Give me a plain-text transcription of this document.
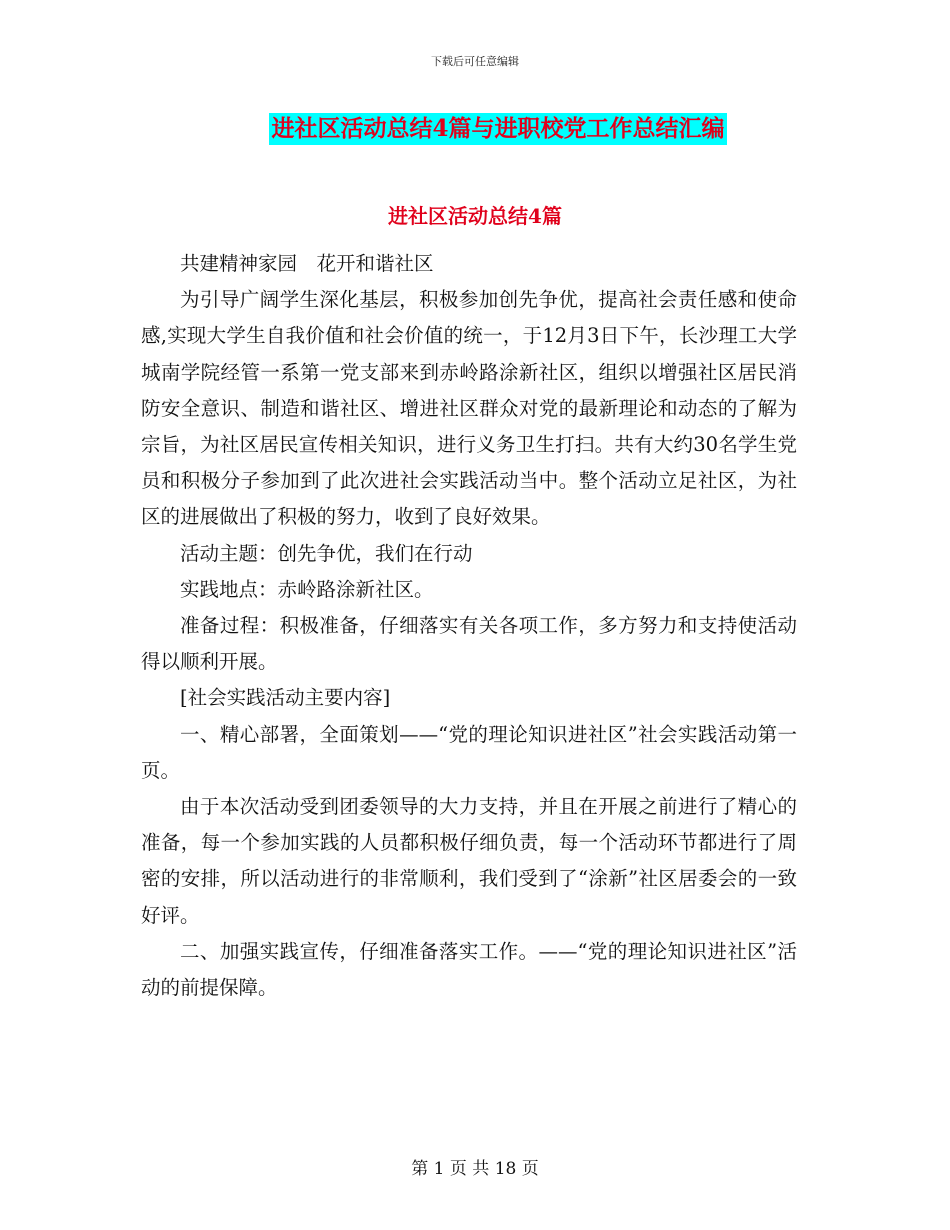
下载后可任意编辑
进社区活动总结4篇与进职校党工作总结汇编
进社区活动总结4篇

共建精神家园　花开和谐社区

为引导广阔学生深化基层，积极参加创先争优，提高社会责任感和使命感,实现大学生自我价值和社会价值的统一，于12月3日下午，长沙理工大学城南学院经管一系第一党支部来到赤岭路涂新社区，组织以增强社区居民消防安全意识、制造和谐社区、增进社区群众对党的最新理论和动态的了解为宗旨，为社区居民宣传相关知识，进行义务卫生打扫。共有大约30名学生党员和积极分子参加到了此次进社会实践活动当中。整个活动立足社区，为社区的进展做出了积极的努力，收到了良好效果。

活动主题：创先争优，我们在行动

实践地点：赤岭路涂新社区。

准备过程：积极准备，仔细落实有关各项工作，多方努力和支持使活动得以顺利开展。

[社会实践活动主要内容]

一、精心部署，全面策划——“党的理论知识进社区”社会实践活动第一页。

由于本次活动受到团委领导的大力支持，并且在开展之前进行了精心的准备，每一个参加实践的人员都积极仔细负责，每一个活动环节都进行了周密的安排，所以活动进行的非常顺利，我们受到了“涂新”社区居委会的一致好评。

二、加强实践宣传，仔细准备落实工作。——“党的理论知识进社区”活动的前提保障。

第 1 页 共 18 页
